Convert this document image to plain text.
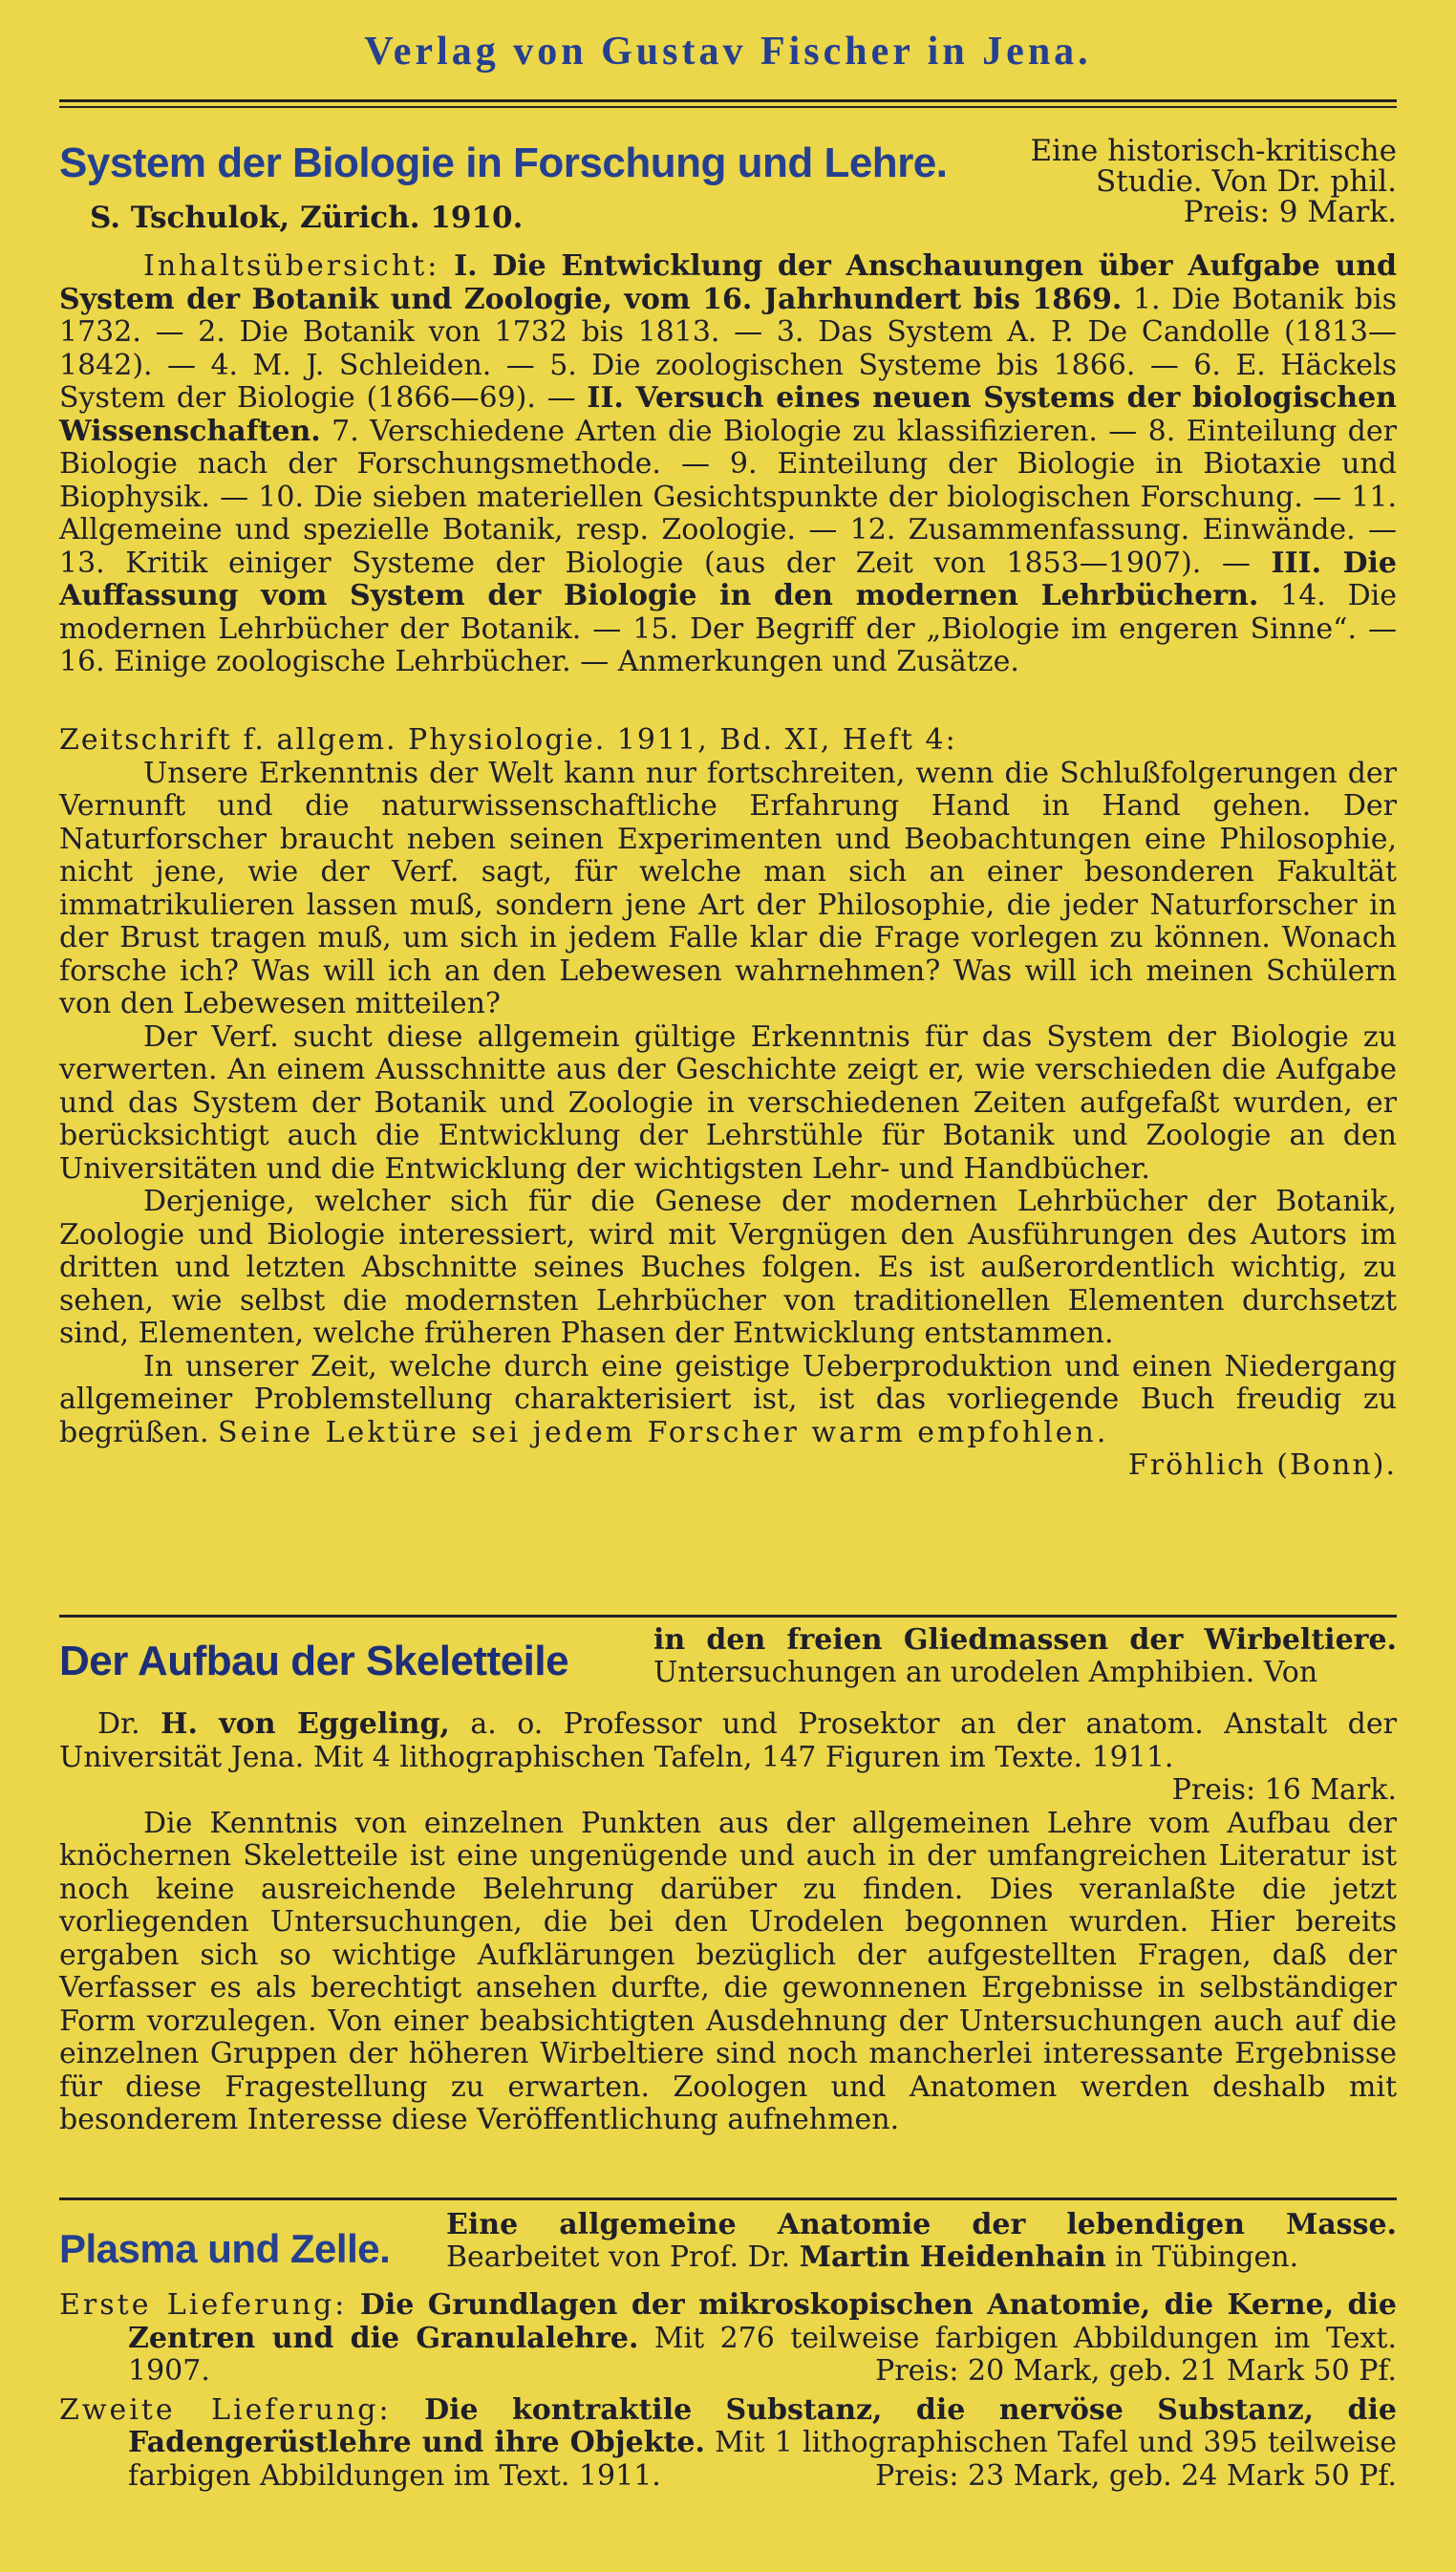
Verlag von Gustav Fischer in Jena.
System der Biologie in Forschung und Lehre.	Eine historisch-kritische
Studie. Von Dr. phil.
Preis: 9 Mark.
S. Tschulok, Zürich. 1910.

Inhaltsübersicht: I. Die Entwicklung der Anschauungen über Aufgabe und System der Botanik und Zoologie, vom 16. Jahrhundert bis 1869. 1. Die Botanik bis 1732. — 2. Die Botanik von 1732 bis 1813. — 3. Das System A. P. De Candolle (1813—1842). — 4. M. J. Schleiden. — 5. Die zoologischen Systeme bis 1866. — 6. E. Häckels System der Biologie (1866—69). — II. Versuch eines neuen Systems der biologischen Wissenschaften. 7. Verschiedene Arten die Biologie zu klassifizieren. — 8. Einteilung der Biologie nach der Forschungsmethode. — 9. Einteilung der Biologie in Biotaxie und Biophysik. — 10. Die sieben materiellen Gesichtspunkte der biologischen Forschung. — 11. Allgemeine und spezielle Botanik, resp. Zoologie. — 12. Zusammenfassung. Einwände. — 13. Kritik einiger Systeme der Biologie (aus der Zeit von 1853—1907). — III. Die Auffassung vom System der Biologie in den modernen Lehrbüchern. 14. Die modernen Lehrbücher der Botanik. — 15. Der Begriff der „Biologie im engeren Sinne“. — 16. Einige zoologische Lehrbücher. — Anmerkungen und Zusätze.

Zeitschrift f. allgem. Physiologie. 1911, Bd. XI, Heft 4:

Unsere Erkenntnis der Welt kann nur fortschreiten, wenn die Schlußfolgerungen der Vernunft und die naturwissenschaftliche Erfahrung Hand in Hand gehen. Der Naturforscher braucht neben seinen Experimenten und Beobachtungen eine Philosophie, nicht jene, wie der Verf. sagt, für welche man sich an einer besonderen Fakultät immatrikulieren lassen muß, sondern jene Art der Philosophie, die jeder Naturforscher in der Brust tragen muß, um sich in jedem Falle klar die Frage vorlegen zu können. Wonach forsche ich? Was will ich an den Lebewesen wahrnehmen? Was will ich meinen Schülern von den Lebewesen mitteilen?

Der Verf. sucht diese allgemein gültige Erkenntnis für das System der Biologie zu verwerten. An einem Ausschnitte aus der Geschichte zeigt er, wie verschieden die Aufgabe und das System der Botanik und Zoologie in verschiedenen Zeiten aufgefaßt wurden, er berücksichtigt auch die Entwicklung der Lehrstühle für Botanik und Zoologie an den Universitäten und die Entwicklung der wichtigsten Lehr- und Handbücher.

Derjenige, welcher sich für die Genese der modernen Lehrbücher der Botanik, Zoologie und Biologie interessiert, wird mit Vergnügen den Ausführungen des Autors im dritten und letzten Abschnitte seines Buches folgen. Es ist außerordentlich wichtig, zu sehen, wie selbst die modernsten Lehrbücher von traditionellen Elementen durchsetzt sind, Elementen, welche früheren Phasen der Entwicklung entstammen.

In unserer Zeit, welche durch eine geistige Ueberproduktion und einen Niedergang allgemeiner Problemstellung charakterisiert ist, ist das vorliegende Buch freudig zu begrüßen. Seine Lektüre sei jedem Forscher warm empfohlen.

Fröhlich (Bonn).

Der Aufbau der Skeletteile	in den freien Gliedmassen der Wirbeltiere. Untersuchungen an urodelen Amphibien. Von

Dr. H. von Eggeling, a. o. Professor und Prosektor an der anatom. Anstalt der Universität Jena. Mit 4 lithographischen Tafeln, 147 Figuren im Texte. 1911.

Preis: 16 Mark.

Die Kenntnis von einzelnen Punkten aus der allgemeinen Lehre vom Aufbau der knöchernen Skeletteile ist eine ungenügende und auch in der umfangreichen Literatur ist noch keine ausreichende Belehrung darüber zu finden. Dies veranlaßte die jetzt vorliegenden Untersuchungen, die bei den Urodelen begonnen wurden. Hier bereits ergaben sich so wichtige Aufklärungen bezüglich der aufgestellten Fragen, daß der Verfasser es als berechtigt ansehen durfte, die gewonnenen Ergebnisse in selbständiger Form vorzulegen. Von einer beabsichtigten Ausdehnung der Untersuchungen auch auf die einzelnen Gruppen der höheren Wirbeltiere sind noch mancherlei interessante Ergebnisse für diese Fragestellung zu erwarten. Zoologen und Anatomen werden deshalb mit besonderem Interesse diese Veröffentlichung aufnehmen.

Plasma und Zelle.
Eine allgemeine Anatomie der lebendigen Masse. Bearbeitet von Prof. Dr. Martin Heidenhain in Tübingen.

Erste Lieferung: Die Grundlagen der mikroskopischen Anatomie, die Kerne, die Zentren und die Granulalehre. Mit 276 teilweise farbigen Abbildungen im Text. 1907.	Preis: 20 Mark, geb. 21 Mark 50 Pf.

Zweite Lieferung: Die kontraktile Substanz, die nervöse Substanz, die Fadengerüstlehre und ihre Objekte. Mit 1 lithographischen Tafel und 395 teilweise farbigen Abbildungen im Text. 1911.	Preis: 23 Mark, geb. 24 Mark 50 Pf.
